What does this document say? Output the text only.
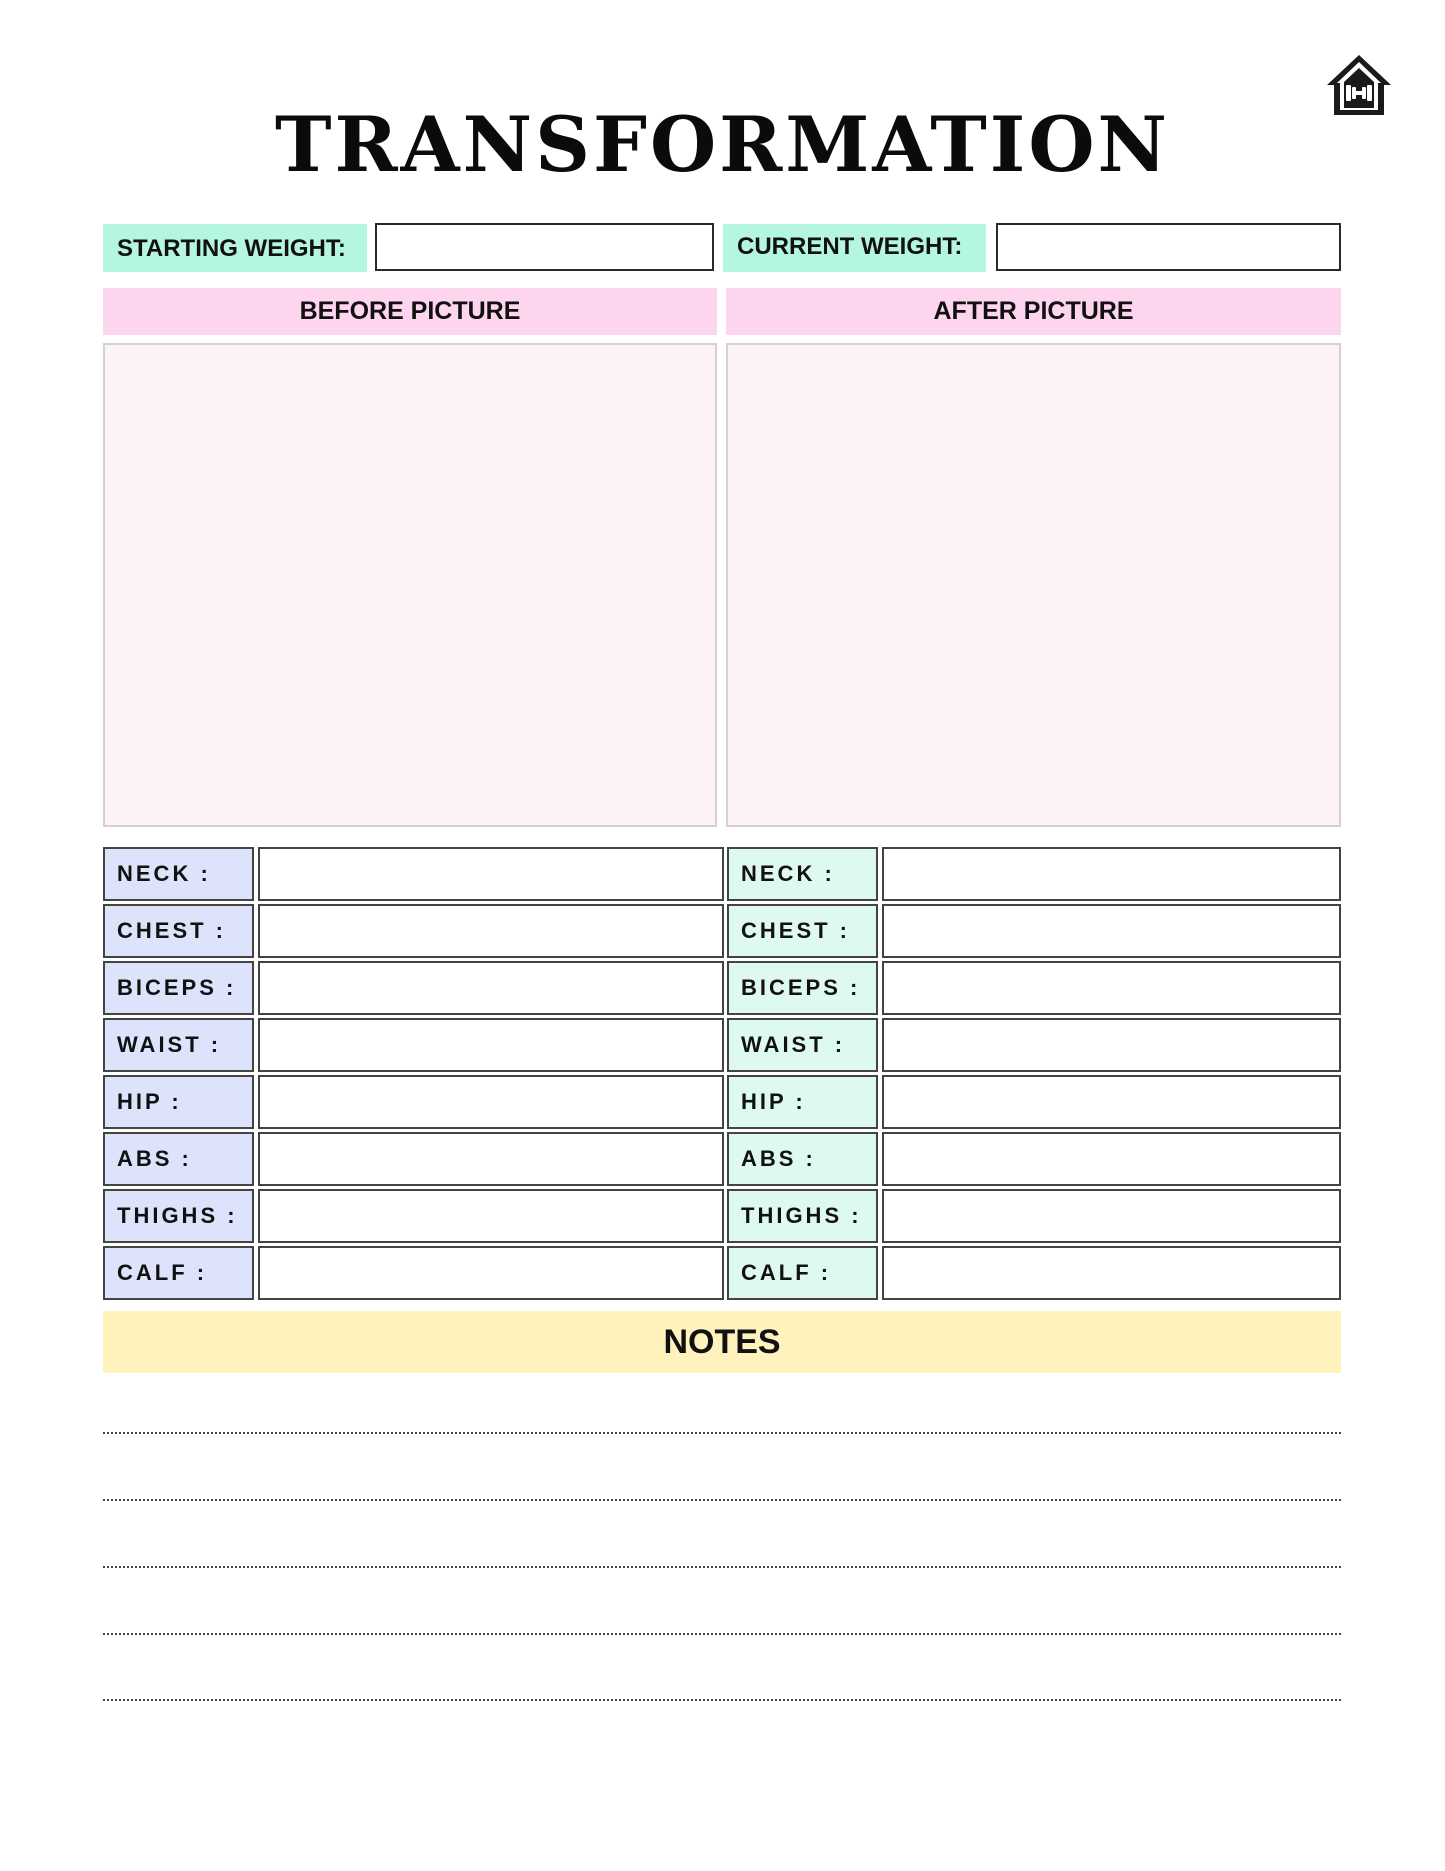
TRANSFORMATION
STARTING WEIGHT:	CURRENT WEIGHT:
BEFORE PICTURE	AFTER PICTURE
NECK :
CHEST :
BICEPS :
WAIST :
HIP :
ABS :
THIGHS :
CALF :
NECK :
CHEST :
BICEPS :
WAIST :
HIP :
ABS :
THIGHS :
CALF :
NOTES
